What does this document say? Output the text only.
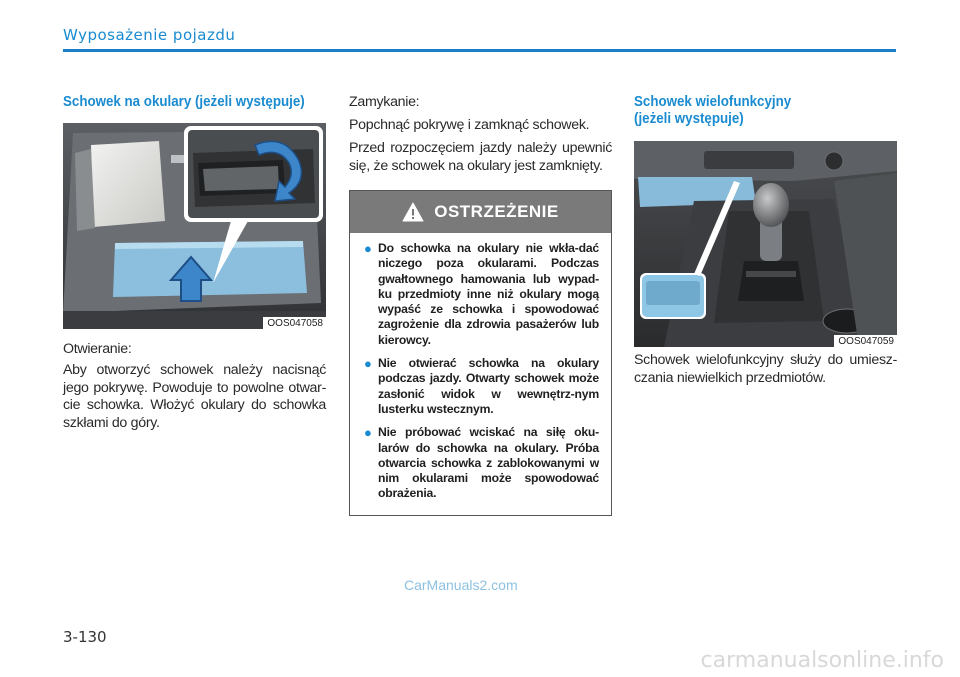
Wyposażenie pojazdu
Schowek na okulary (jeżeli występuje)
OOS047058
Otwieranie:
Aby otworzyć schowek należy nacisnąć jego pokrywę. Powoduje to powolne otwar-cie schowka. Włożyć okulary do schowka szkłami do góry.
Zamykanie:
Popchnąć pokrywę i zamknąć schowek.
Przed rozpoczęciem jazdy należy upewnić się, że schowek na okulary jest zamknięty.
OSTRZEŻENIE
● Do schowka na okulary nie wkła-dać niczego poza okularami. Podczas gwałtownego hamowania lub wypad-ku przedmioty inne niż okulary mogą wypaść ze schowka i spowodować zagrożenie dla zdrowia pasażerów lub kierowcy.
● Nie otwierać schowka na okulary podczas jazdy. Otwarty schowek może zasłonić widok w wewnętrz-nym lusterku wstecznym.
● Nie próbować wciskać na siłę oku-larów do schowka na okulary. Próba otwarcia schowka z zablokowanymi w nim okularami może spowodować obrażenia.
Schowek wielofunkcyjny
(jeżeli występuje)
OOS047059
Schowek wielofunkcyjny służy do umiesz-czania niewielkich przedmiotów.
CarManuals2.com
3-130
carmanualsonline.info
